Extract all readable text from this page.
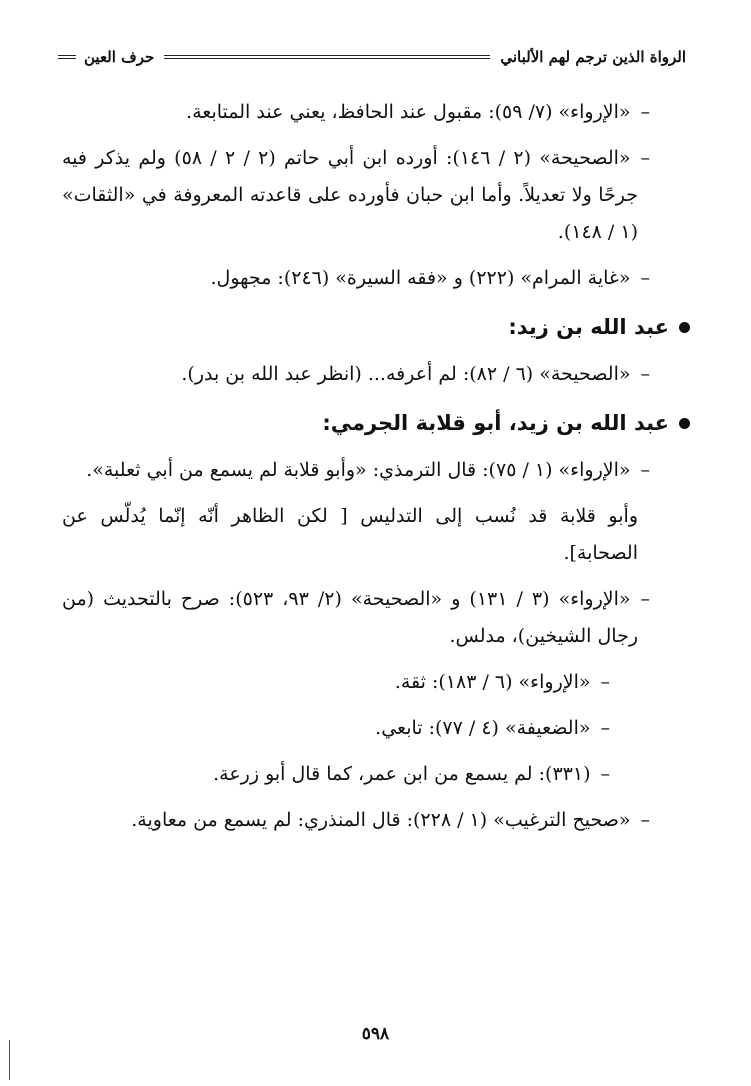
الرواة الذين ترجم لهم الألباني
حرف العين
–«الإرواء» (٧/ ٥٩): مقبول عند الحافظ، يعني عند المتابعة.
–«الصحيحة» (٢ / ١٤٦): أورده ابن أبي حاتم (٢ / ٢ / ٥٨) ولم يذكر فيه جرحًا ولا تعديلاً. وأما ابن حبان فأورده على قاعدته المعروفة في «الثقات» (١ / ١٤٨).
–«غاية المرام» (٢٢٢) و «فقه السيرة» (٢٤٦): مجهول.
عبد الله بن زيد:
–«الصحيحة» (٦ / ٨٢): لم أعرفه... (انظر عبد الله بن بدر).
عبد الله بن زيد، أبو قلابة الجرمي:
–«الإرواء» (١ / ٧٥): قال الترمذي: «وأبو قلابة لم يسمع من أبي ثعلبة».
وأبو قلابة قد نُسب إلى التدليس [ لكن الظاهر أنّه إنّما يُدلّس عن الصحابة].
–«الإرواء» (٣ / ١٣١) و «الصحيحة» (٢/ ٩٣، ٥٢٣): صرح بالتحديث (من رجال الشيخين)، مدلس.
–«الإرواء» (٦ / ١٨٣): ثقة.
–«الضعيفة» (٤ / ٧٧): تابعي.
–(٣٣١): لم يسمع من ابن عمر، كما قال أبو زرعة.
–«صحيح الترغيب» (١ / ٢٢٨): قال المنذري: لم يسمع من معاوية.
٥٩٨
